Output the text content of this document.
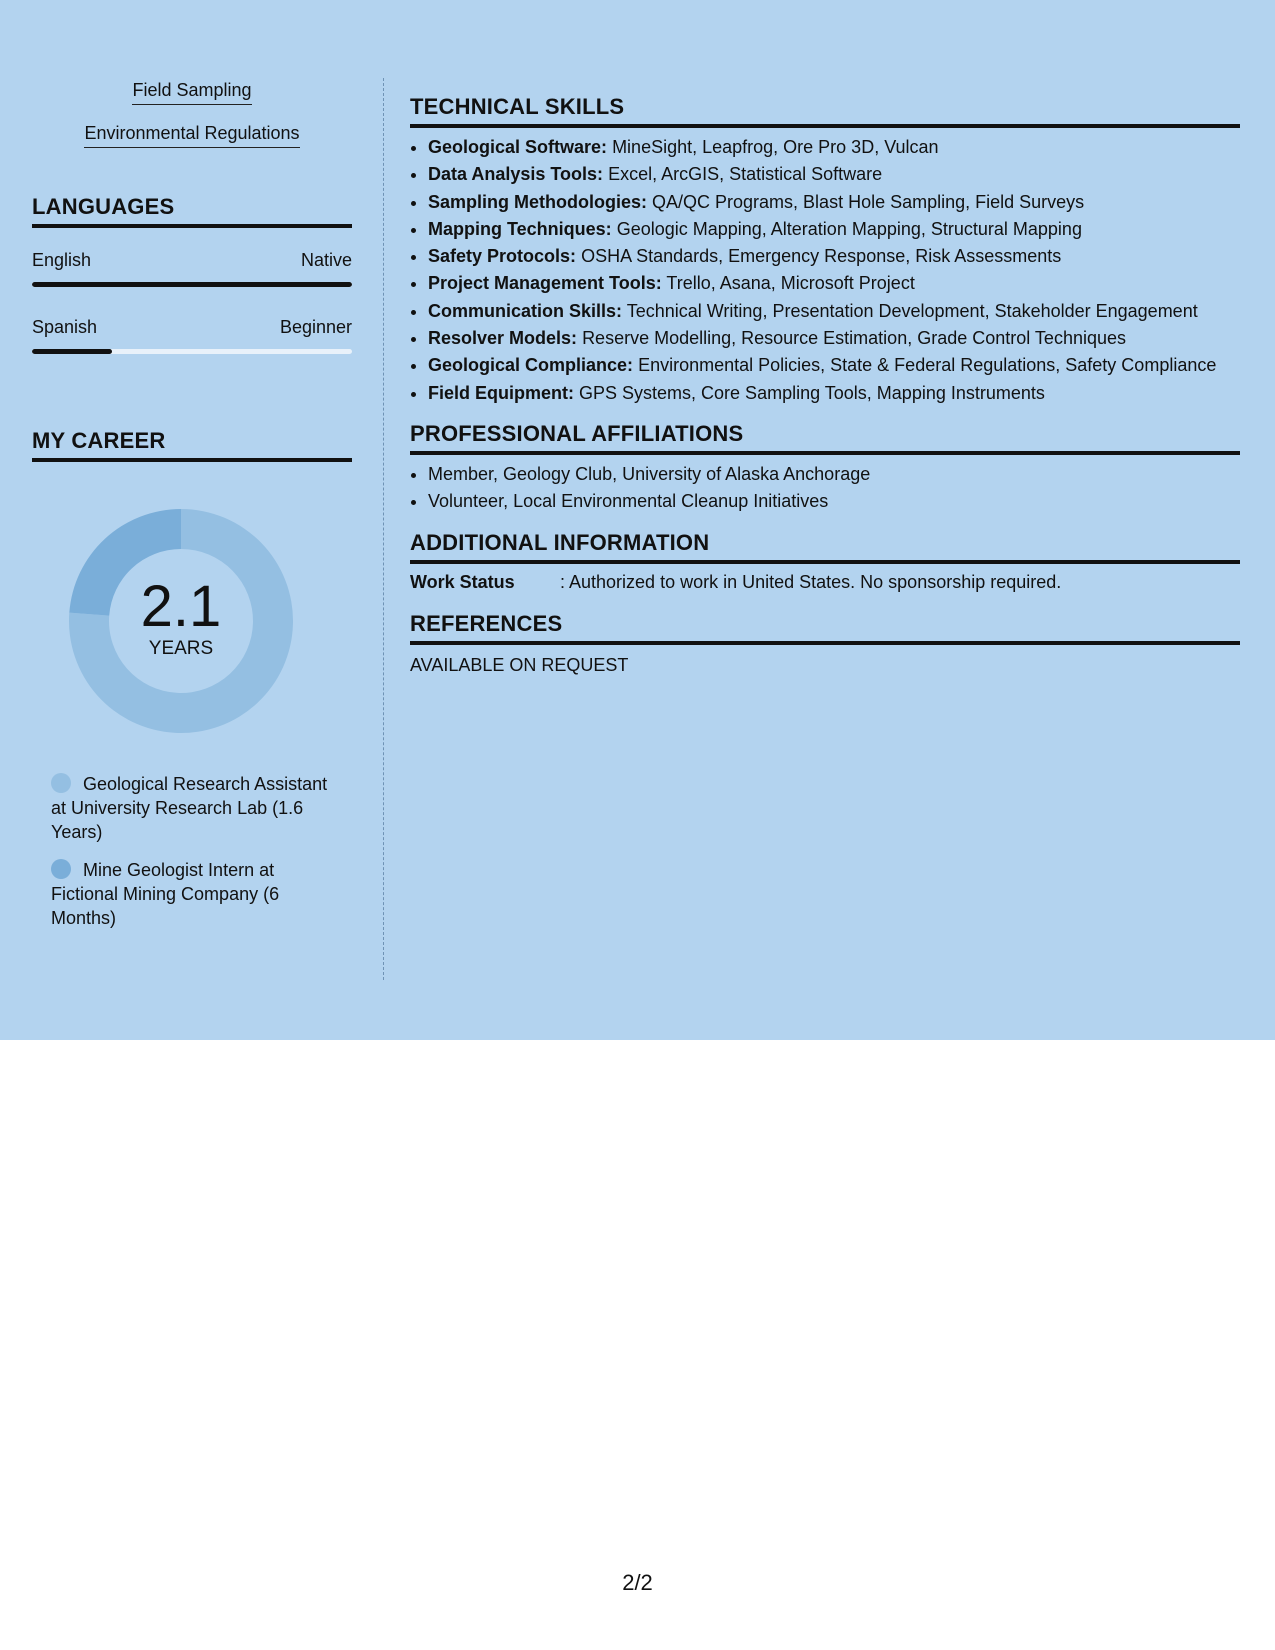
Field Sampling
Environmental Regulations
LANGUAGES
English	Native
Spanish	Beginner
MY CAREER
2.1
YEARS
Geological Research Assistant at University Research Lab (1.6 Years)
Mine Geologist Intern at Fictional Mining Company (6 Months)
TECHNICAL SKILLS
• Geological Software: MineSight, Leapfrog, Ore Pro 3D, Vulcan
• Data Analysis Tools: Excel, ArcGIS, Statistical Software
• Sampling Methodologies: QA/QC Programs, Blast Hole Sampling, Field Surveys
• Mapping Techniques: Geologic Mapping, Alteration Mapping, Structural Mapping
• Safety Protocols: OSHA Standards, Emergency Response, Risk Assessments
• Project Management Tools: Trello, Asana, Microsoft Project
• Communication Skills: Technical Writing, Presentation Development, Stakeholder Engagement
• Resolver Models: Reserve Modelling, Resource Estimation, Grade Control Techniques
• Geological Compliance: Environmental Policies, State & Federal Regulations, Safety Compliance
• Field Equipment: GPS Systems, Core Sampling Tools, Mapping Instruments
PROFESSIONAL AFFILIATIONS
• Member, Geology Club, University of Alaska Anchorage
• Volunteer, Local Environmental Cleanup Initiatives
ADDITIONAL INFORMATION
Work Status	: Authorized to work in United States. No sponsorship required.
REFERENCES
AVAILABLE ON REQUEST
2/2
